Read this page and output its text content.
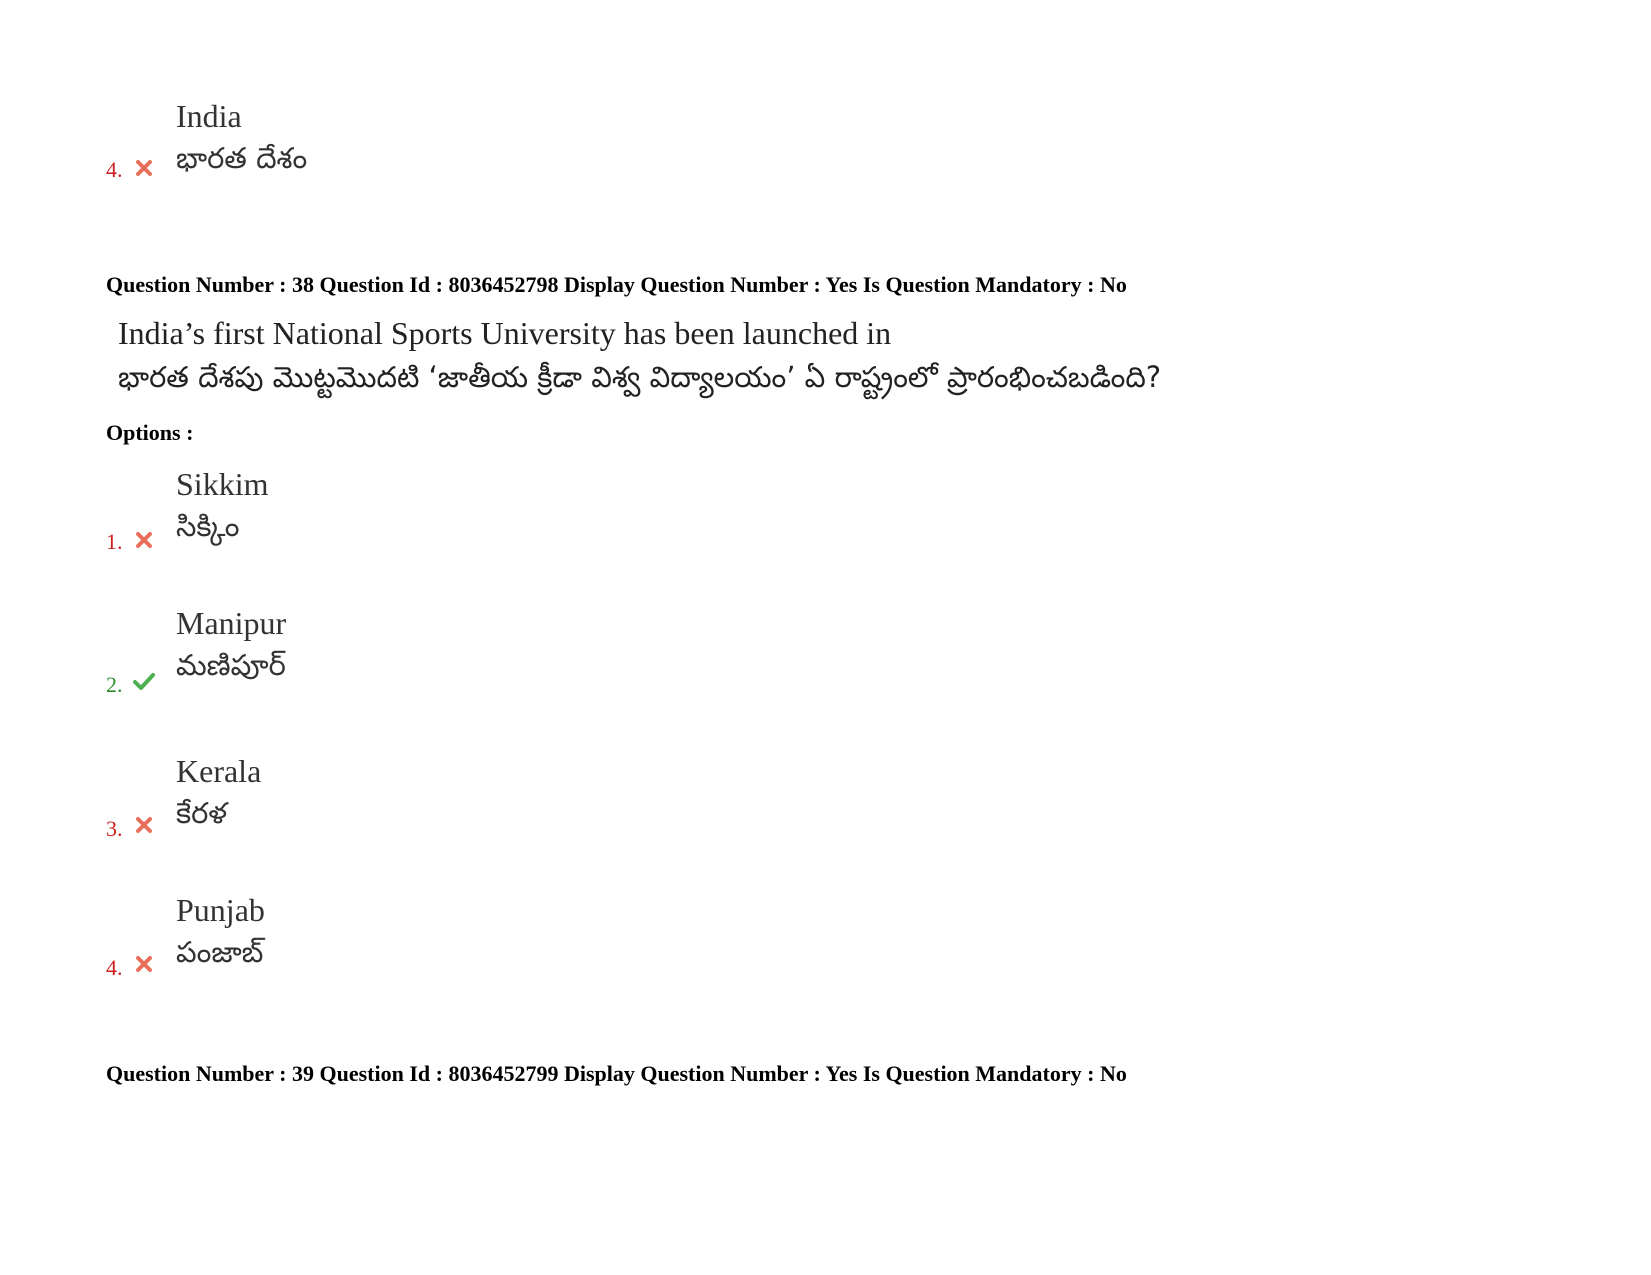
India
భారత దేశం
4.
Question Number : 38 Question Id : 8036452798 Display Question Number : Yes Is Question Mandatory : No
India’s first National Sports University has been launched in
భారత దేశపు మొట్టమొదటి ‘జాతీయ క్రీడా విశ్వ విద్యాలయం’ ఏ రాష్ట్రంలో ప్రారంభించబడింది?
Options :
Sikkim
సిక్కిం
1.
Manipur
మణిపూర్
2.
Kerala
కేరళ
3.
Punjab
పంజాబ్
4.
Question Number : 39 Question Id : 8036452799 Display Question Number : Yes Is Question Mandatory : No
